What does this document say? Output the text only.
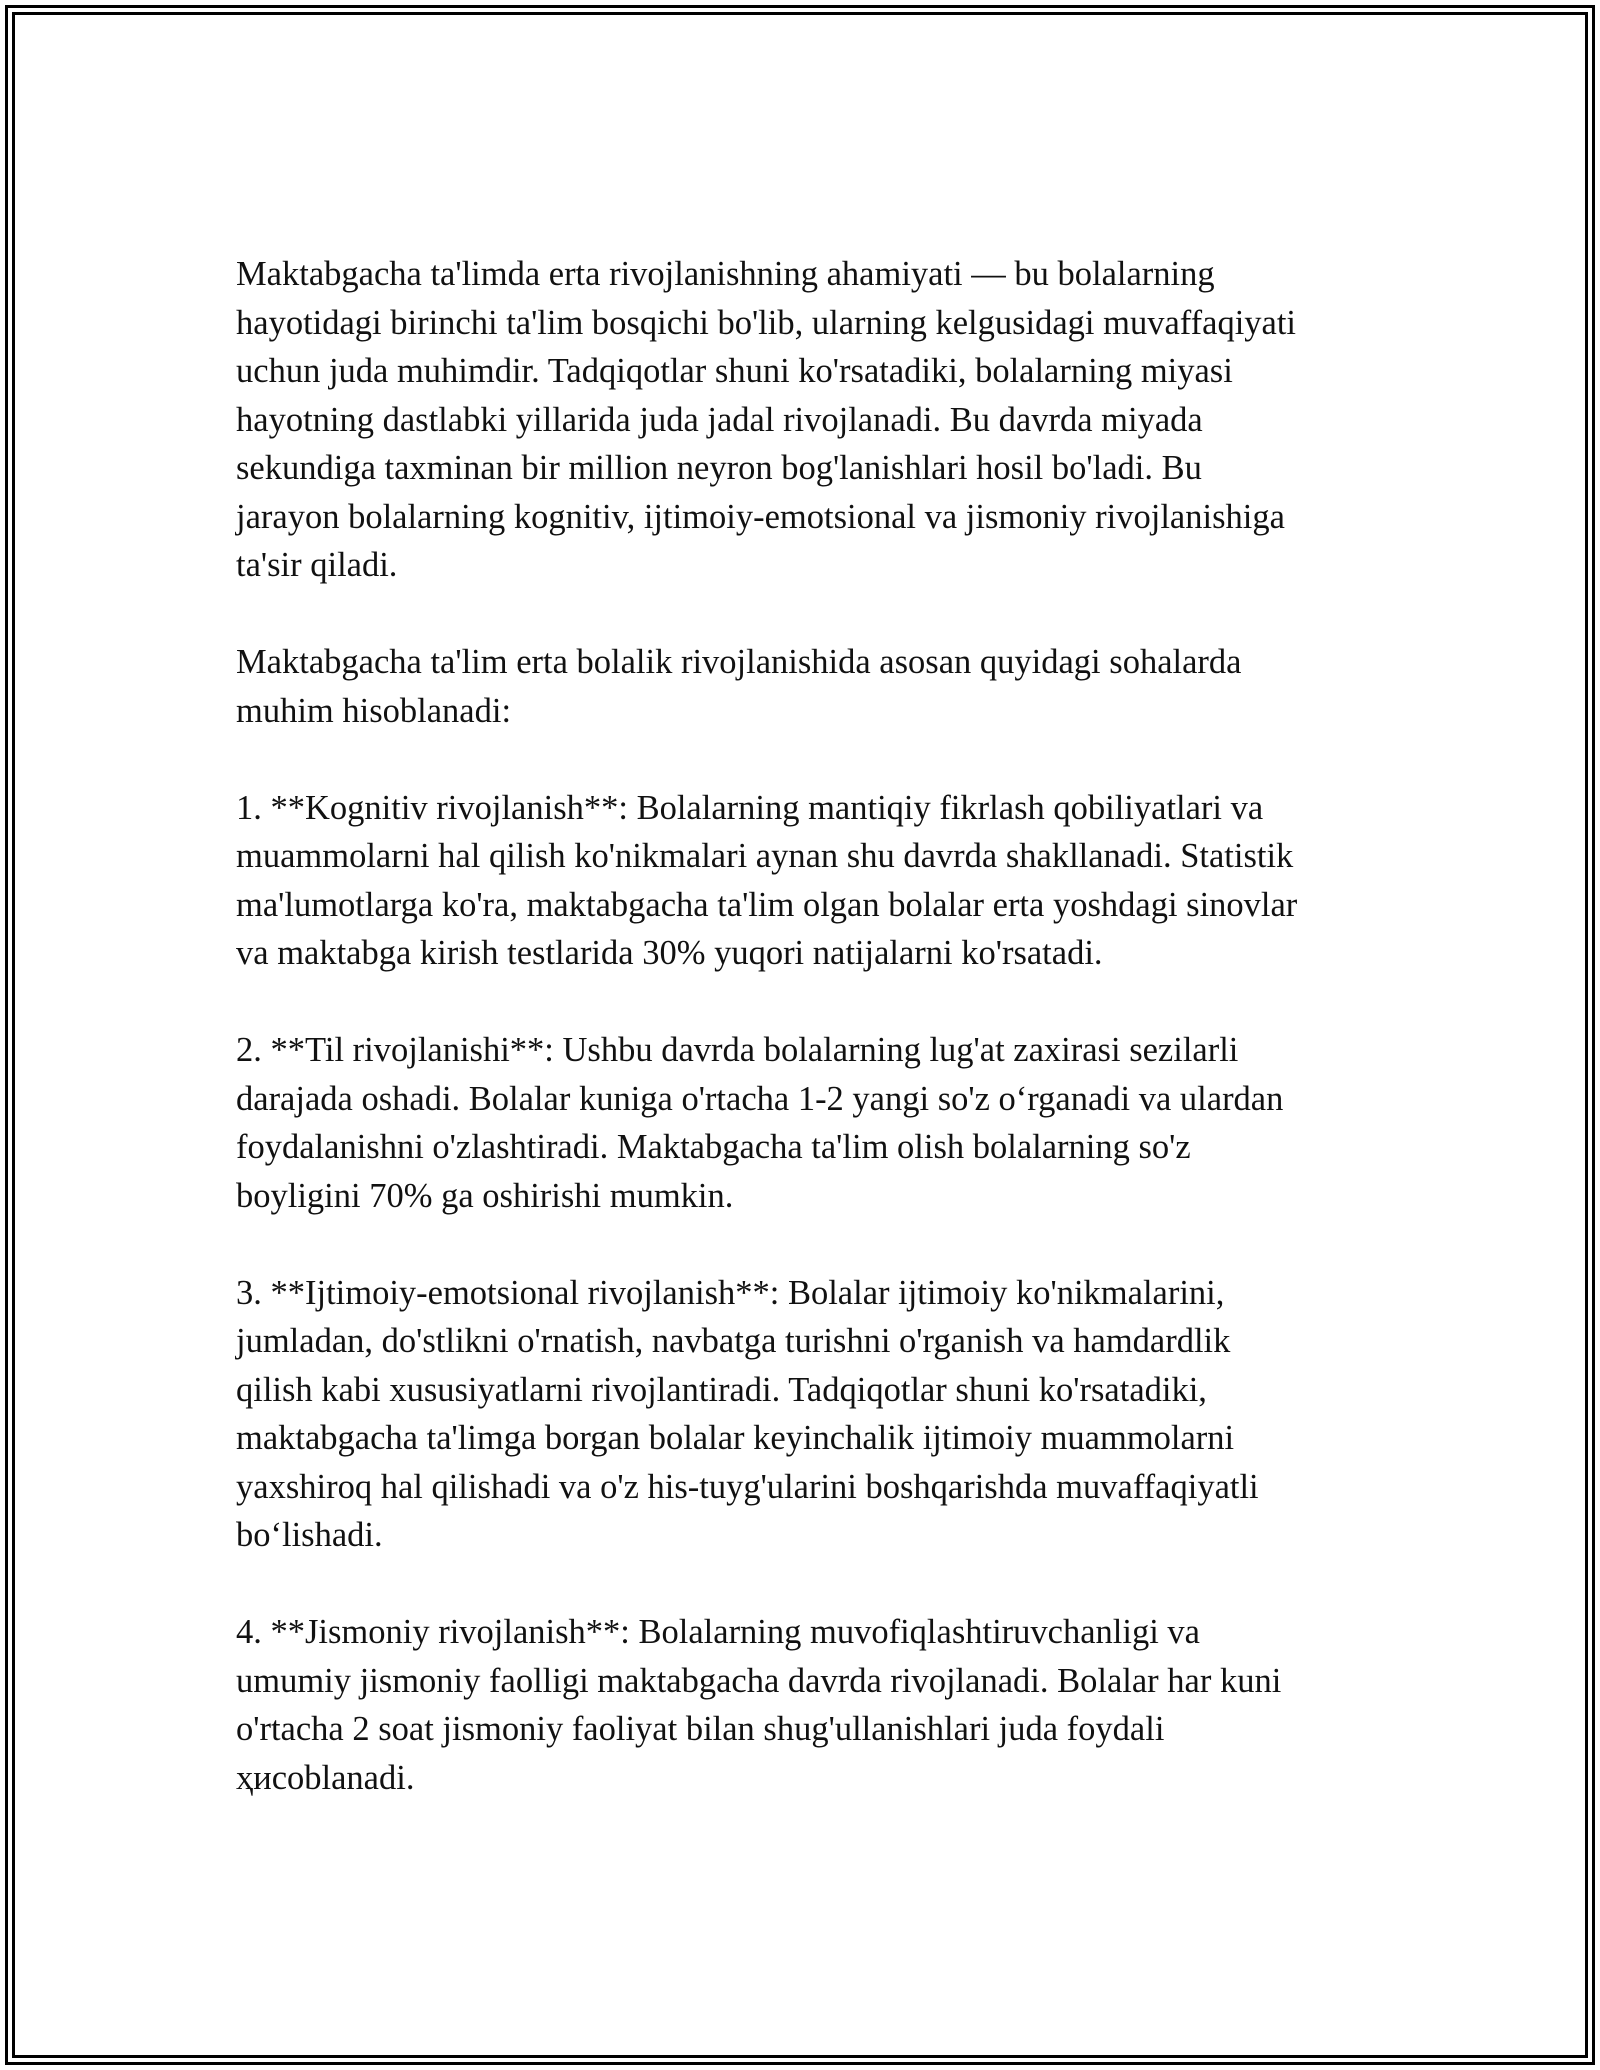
Maktabgacha ta'limda erta rivojlanishning ahamiyati — bu bolalarning
hayotidagi birinchi ta'lim bosqichi bo'lib, ularning kelgusidagi muvaffaqiyati
uchun juda muhimdir. Tadqiqotlar shuni ko'rsatadiki, bolalarning miyasi
hayotning dastlabki yillarida juda jadal rivojlanadi. Bu davrda miyada
sekundiga taxminan bir million neyron bog'lanishlari hosil bo'ladi. Bu
jarayon bolalarning kognitiv, ijtimoiy-emotsional va jismoniy rivojlanishiga
ta'sir qiladi.

Maktabgacha ta'lim erta bolalik rivojlanishida asosan quyidagi sohalarda
muhim hisoblanadi:

1. **Kognitiv rivojlanish**: Bolalarning mantiqiy fikrlash qobiliyatlari va
muammolarni hal qilish ko'nikmalari aynan shu davrda shakllanadi. Statistik
ma'lumotlarga ko'ra, maktabgacha ta'lim olgan bolalar erta yoshdagi sinovlar
va maktabga kirish testlarida 30% yuqori natijalarni ko'rsatadi.

2. **Til rivojlanishi**: Ushbu davrda bolalarning lug'at zaxirasi sezilarli
darajada oshadi. Bolalar kuniga o'rtacha 1-2 yangi so'z o‘rganadi va ulardan
foydalanishni o'zlashtiradi. Maktabgacha ta'lim olish bolalarning so'z
boyligini 70% ga oshirishi mumkin.

3. **Ijtimoiy-emotsional rivojlanish**: Bolalar ijtimoiy ko'nikmalarini,
jumladan, do'stlikni o'rnatish, navbatga turishni o'rganish va hamdardlik
qilish kabi xususiyatlarni rivojlantiradi. Tadqiqotlar shuni ko'rsatadiki,
maktabgacha ta'limga borgan bolalar keyinchalik ijtimoiy muammolarni
yaxshiroq hal qilishadi va o'z his-tuyg'ularini boshqarishda muvaffaqiyatli
bo‘lishadi.

4. **Jismoniy rivojlanish**: Bolalarning muvofiqlashtiruvchanligi va
umumiy jismoniy faolligi maktabgacha davrda rivojlanadi. Bolalar har kuni
o'rtacha 2 soat jismoniy faoliyat bilan shug'ullanishlari juda foydali
ҳисоblanadi.
